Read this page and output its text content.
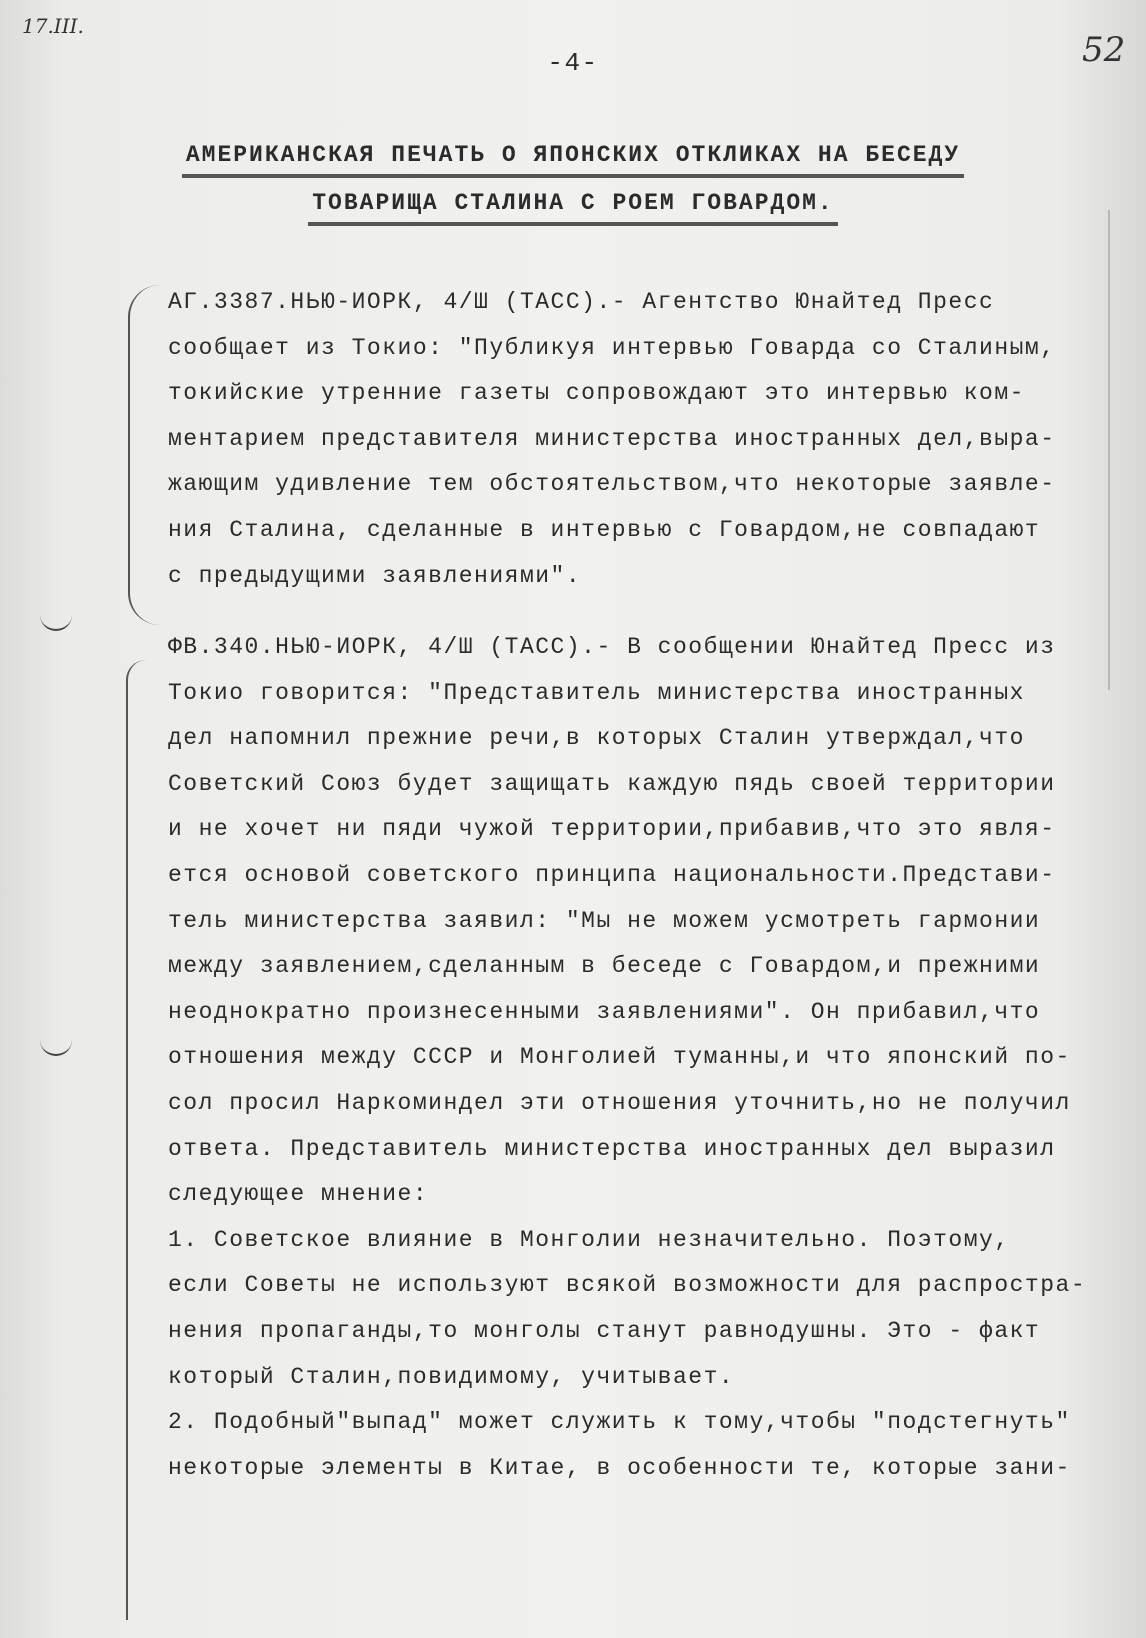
17.III.
52
-4-
АМЕРИКАНСКАЯ ПЕЧАТЬ О ЯПОНСКИХ ОТКЛИКАХ НА БЕСЕДУ
ТОВАРИЩА СТАЛИНА С РОЕМ ГОВАРДОМ.
АГ.3387.НЬЮ-ИОРК, 4/Ш (ТАСС).- Агентство Юнайтед Пресс
сообщает из Токио: "Публикуя интервью Говарда со Сталиным,
токийские утренние газеты сопровождают это интервью ком-
ментарием представителя министерства иностранных дел,выра-
жающим удивление тем обстоятельством,что некоторые заявле-
ния Сталина, сделанные в интервью с Говардом,не совпадают
с предыдущими заявлениями".
ФВ.340.НЬЮ-ИОРК, 4/Ш (ТАСС).- В сообщении Юнайтед Пресс из
Токио говорится: "Представитель министерства иностранных
дел напомнил прежние речи,в которых Сталин утверждал,что
Советский Союз будет защищать каждую пядь своей территории
и не хочет ни пяди чужой территории,прибавив,что это явля-
ется основой советского принципа национальности.Представи-
тель министерства заявил: "Мы не можем усмотреть гармонии
между заявлением,сделанным в беседе с Говардом,и прежними
неоднократно произнесенными заявлениями". Он прибавил,что
отношения между СССР и Монголией туманны,и что японский по-
сол просил Наркоминдел эти отношения уточнить,но не получил
ответа. Представитель министерства иностранных дел выразил
следующее мнение:
1. Советское влияние в Монголии незначительно. Поэтому,
если Советы не используют всякой возможности для распростра-
нения пропаганды,то монголы станут равнодушны. Это - факт
который Сталин,повидимому, учитывает.
2. Подобный"выпад" может служить к тому,чтобы "подстегнуть"
некоторые элементы в Китае, в особенности те, которые зани-
